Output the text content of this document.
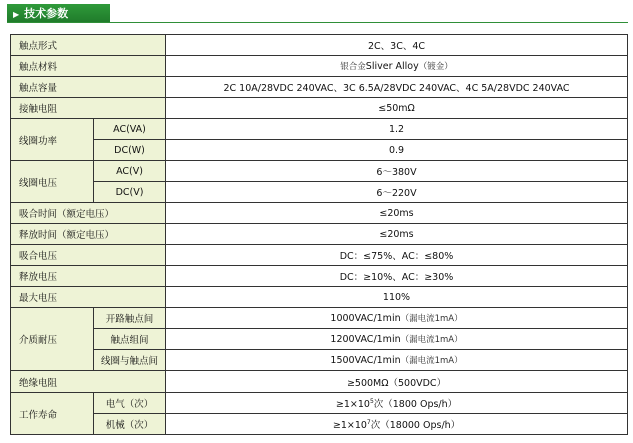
▶ 技术参数
触点形式		2C、3C、4C
触点材料		银合金Sliver Alloy（镀金）
触点容量		2C 10A/28VDC 240VAC、3C 6.5A/28VDC 240VAC、4C 5A/28VDC 240VAC
接触电阻		≤50mΩ
线圈功率	AC(VA)	1.2
	DC(W)	0.9
线圈电压	AC(V)	6～380V
	DC(V)	6～220V
吸合时间（额定电压）		≤20ms
释放时间（额定电压）		≤20ms
吸合电压		DC：≤75%、AC：≤80%
释放电压		DC：≥10%、AC：≥30%
最大电压		110%
介质耐压	开路触点间	1000VAC/1min（漏电流1mA）
	触点组间	1200VAC/1min（漏电流1mA）
	线圈与触点间	1500VAC/1min（漏电流1mA）
绝缘电阻		≥500MΩ（500VDC）
工作寿命	电气（次）	$\ge 1\times 10^5$次（1800 Ops/h）
	机械（次）	$\ge 1\times 10^7$次（18000 Ops/h）
